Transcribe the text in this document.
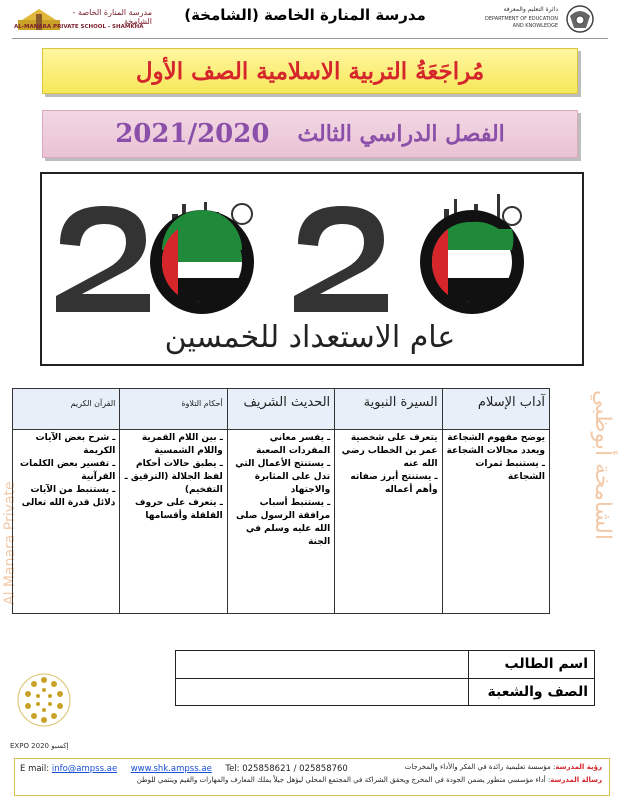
مدرسة المنارة الخاصة - الشامخة
AL-MANARA PRIVATE SCHOOL - SHAMKHA
مدرسة المنارة الخاصة (الشامخة)	دائرة التعليم والمعرفة
DEPARTMENT OF EDUCATION
AND KNOWLEDGE
مُراجَعَةُ التربية الاسلامية الصف الأول
2021/2020 الفصل الدراسي الثالث
عام الاستعداد للخمسين
Al Manara Private
الشامخة أبوظبي
القرآن الكريم	أحكام التلاوة	الحديث الشريف	السيرة النبوية	آداب الإسلام

ـ شرح بعض الآيات الكريمة
ـ تفسير بعض الكلمات القرآنية
ـ يستنبط من الآيات دلائل قدرة الله تعالى	ـ بين اللام القمرية واللام الشمسية
ـ يطبق حالات أحكام لفظ الجلالة (الترقيق ـ التفخيم)
ـ يتعرف على حروف القلقلة وأقسامها	ـ يفسر معاني المفردات الصعبة
ـ يستنتج الأعمال التي تدل على المثابرة والاجتهاد
ـ يستنبط أسباب مرافقة الرسول صلى الله عليه وسلم في الجنة	يتعرف على شخصية عمر بن الخطاب رضي الله عنه
ـ يستنتج أبرز صفاته وأهم أعماله	يوضح مفهوم الشجاعة ويعدد مجالات الشجاعة
ـ يستنبط ثمرات الشجاعة
	اسم الطالب
	الصف والشعبة
EXPO 2020 إكسبو
E mail: info@ampss.ae www.shk.ampss.ae Tel: 025858621 / 025858760	رؤية المدرسة: مؤسسة تعليمية رائدة في الفكر والأداء والمخرجات
رسالة المدرسة: أداء مؤسسي متطور يضمن الجودة في المخرج ويحقق الشراكة في المجتمع المحلي ليؤهل جيلاً يملك المعارف والمهارات والقيم وينتمي للوطن
